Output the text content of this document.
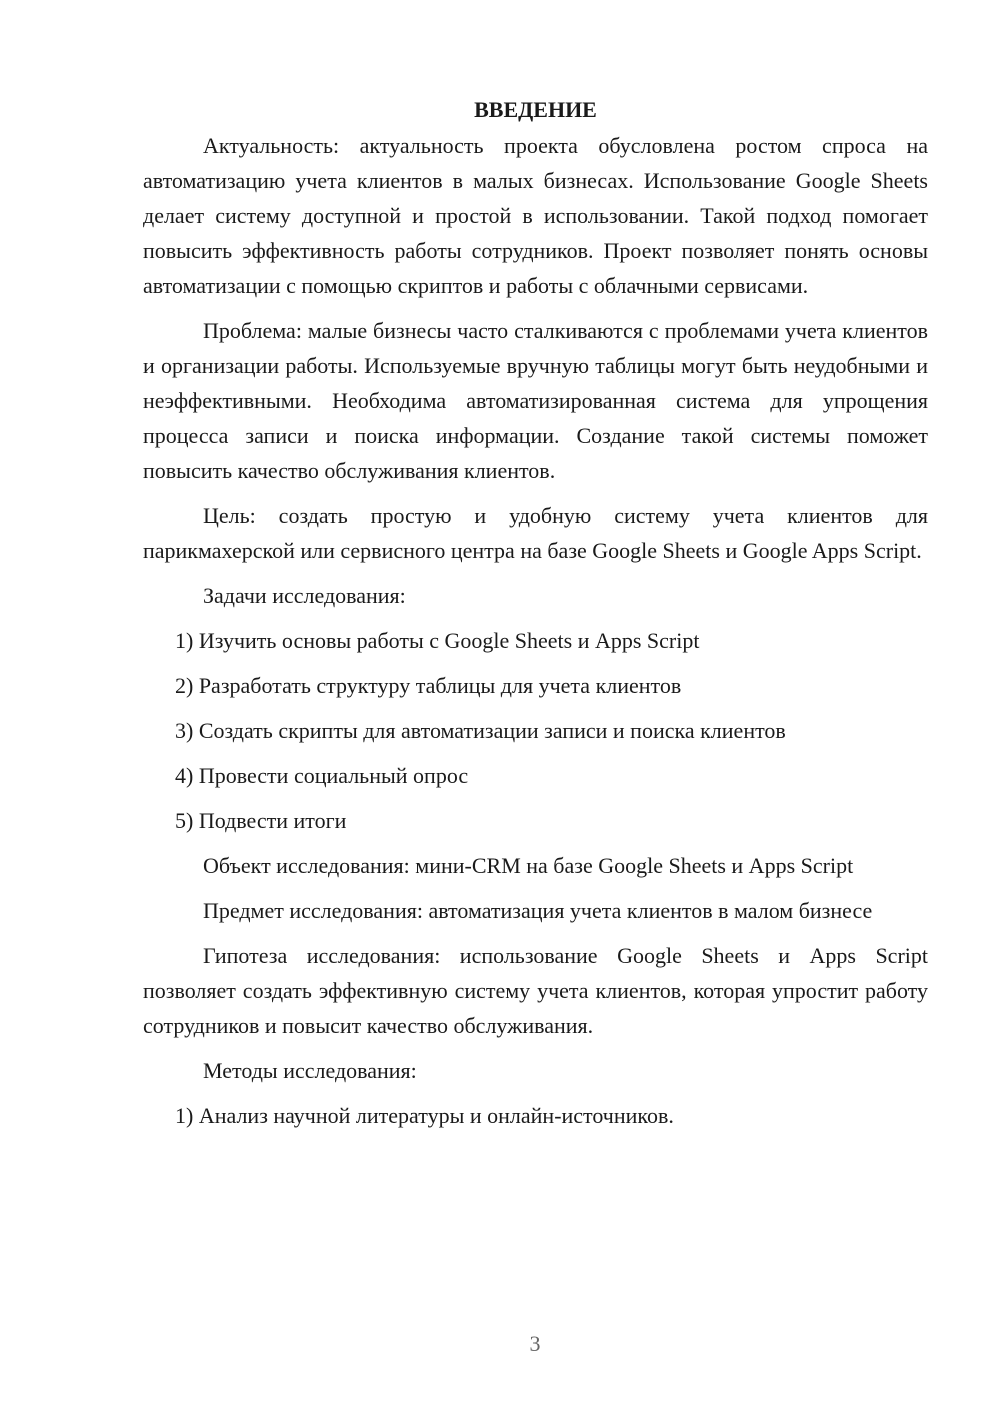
ВВЕДЕНИЕ

Актуальность: актуальность проекта обусловлена ростом спроса на автоматизацию учета клиентов в малых бизнесах. Использование Google Sheets делает систему доступной и простой в использовании. Такой подход помогает повысить эффективность работы сотрудников. Проект позволяет понять основы автоматизации с помощью скриптов и работы с облачными сервисами.

Проблема: малые бизнесы часто сталкиваются с проблемами учета клиентов и организации работы. Используемые вручную таблицы могут быть неудобными и неэффективными. Необходима автоматизированная система для упрощения процесса записи и поиска информации. Создание такой системы поможет повысить качество обслуживания клиентов.

Цель: создать простую и удобную систему учета клиентов для парикмахерской или сервисного центра на базе Google Sheets и Google Apps Script.

Задачи исследования:

1) Изучить основы работы с Google Sheets и Apps Script
2) Разработать структуру таблицы для учета клиентов
3) Создать скрипты для автоматизации записи и поиска клиентов
4) Провести социальный опрос
5) Подвести итоги

Объект исследования: мини-CRM на базе Google Sheets и Apps Script

Предмет исследования: автоматизация учета клиентов в малом бизнесе

Гипотеза исследования: использование Google Sheets и Apps Script позволяет создать эффективную систему учета клиентов, которая упростит работу сотрудников и повысит качество обслуживания.

Методы исследования:

1) Анализ научной литературы и онлайн-источников.
3
